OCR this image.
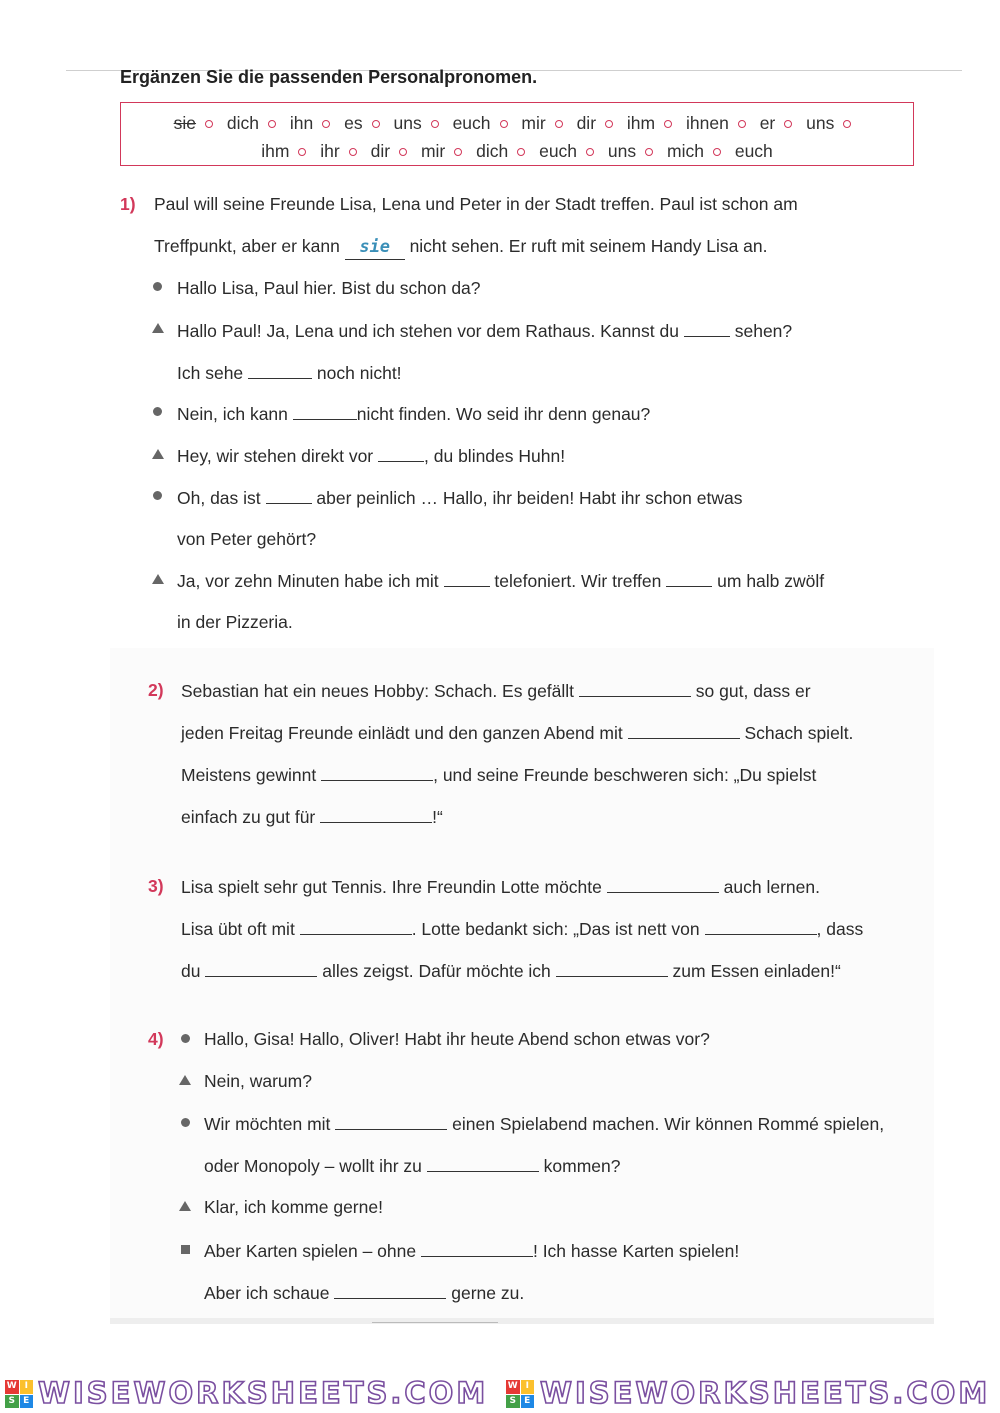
Ergänzen Sie die passenden Personalpronomen.
sie dich ihn es uns euch mir dir ihm ihnen er uns
ihm ihr dir mir dich euch uns mich euch
1) Paul will seine Freunde Lisa, Lena und Peter in der Stadt treffen. Paul ist schon am
Treffpunkt, aber er kann sie nicht sehen. Er ruft mit seinem Handy Lisa an.
Hallo Lisa, Paul hier. Bist du schon da?
Hallo Paul! Ja, Lena und ich stehen vor dem Rathaus. Kannst du	sehen?
Ich sehe	noch nicht!
Nein, ich kann	nicht finden. Wo seid ihr denn genau?
Hey, wir stehen direkt vor	, du blindes Huhn!
Oh, das ist	aber peinlich … Hallo, ihr beiden! Habt ihr schon etwas
von Peter gehört?
Ja, vor zehn Minuten habe ich mit	telefoniert. Wir treffen	um halb zwölf
in der Pizzeria.
2) Sebastian hat ein neues Hobby: Schach. Es gefällt	so gut, dass er
jeden Freitag Freunde einlädt und den ganzen Abend mit	Schach spielt.
Meistens gewinnt	, und seine Freunde beschweren sich: „Du spielst
einfach zu gut für	!“
3) Lisa spielt sehr gut Tennis. Ihre Freundin Lotte möchte	auch lernen.
Lisa übt oft mit	. Lotte bedankt sich: „Das ist nett von	, dass
du	alles zeigst. Dafür möchte ich	zum Essen einladen!“
4) Hallo, Gisa! Hallo, Oliver! Habt ihr heute Abend schon etwas vor?
Nein, warum?
Wir möchten mit	einen Spielabend machen. Wir können Rommé spielen,
oder Monopoly – wollt ihr zu	kommen?
Klar, ich komme gerne!
Aber Karten spielen – ohne	! Ich hasse Karten spielen!
Aber ich schaue	gerne zu.
W I
S E WISEWORKSHEETS.COM W I
S E WISEWORKSHEETS.COM
